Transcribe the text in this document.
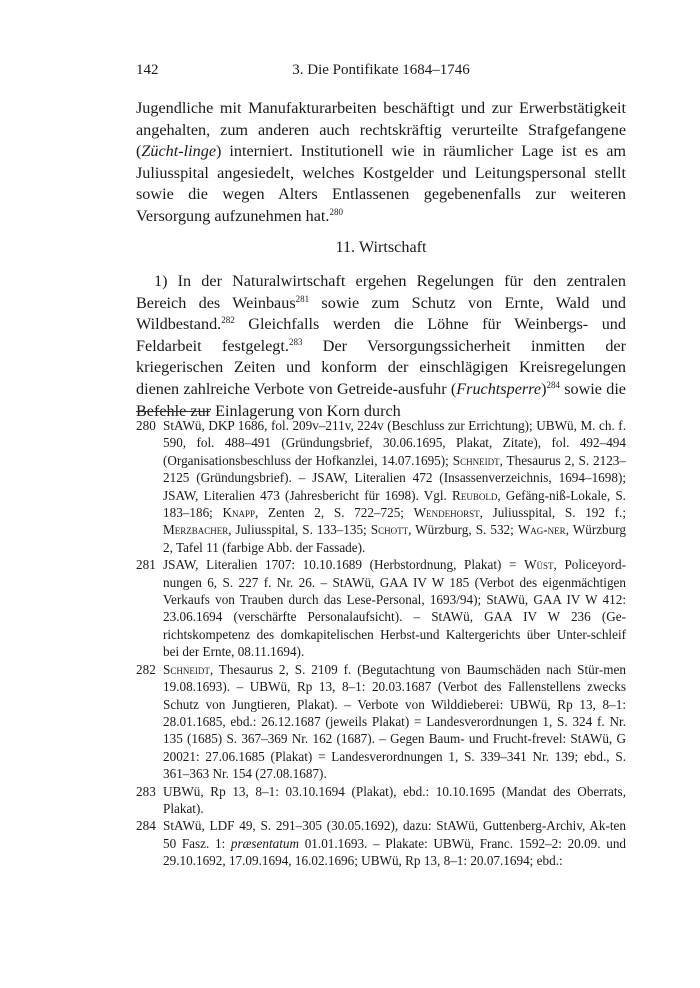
142	3. Die Pontifikate 1684–1746

Jugendliche mit Manufakturarbeiten beschäftigt und zur Erwerbstätigkeit angehalten, zum anderen auch rechtskräftig verurteilte Strafgefangene (Zücht-linge) interniert. Institutionell wie in räumlicher Lage ist es am Juliusspital angesiedelt, welches Kostgelder und Leitungspersonal stellt sowie die wegen Alters Entlassenen gegebenenfalls zur weiteren Versorgung aufzunehmen hat.$^{280}$

11. Wirtschaft

1) In der Naturalwirtschaft ergehen Regelungen für den zentralen Bereich des Weinbaus$^{281}$ sowie zum Schutz von Ernte, Wald und Wildbestand.$^{282}$ Gleichfalls werden die Löhne für Weinbergs- und Feldarbeit festgelegt.$^{283}$ Der Versorgungssicherheit inmitten der kriegerischen Zeiten und konform der einschlägigen Kreisregelungen dienen zahlreiche Verbote von Getreide-ausfuhr (Fruchtsperre)$^{284}$ sowie die Befehle zur Einlagerung von Korn durch

280 StAWü, DKP 1686, fol. 209v–211v, 224v (Beschluss zur Errichtung); UBWü, M. ch. f. 590, fol. 488–491 (Gründungsbrief, 30.06.1695, Plakat, Zitate), fol. 492–494 (Organisationsbeschluss der Hofkanzlei, 14.07.1695); Schneidt, Thesaurus 2, S. 2123–2125 (Gründungsbrief). – JSAW, Literalien 472 (Insassenverzeichnis, 1694–1698); JSAW, Literalien 473 (Jahresbericht für 1698). Vgl. Reubold, Gefäng-niß-Lokale, S. 183–186; Knapp, Zenten 2, S. 722–725; Wendehorst, Juliusspital, S. 192 f.; Merzbacher, Juliusspital, S. 133–135; Schott, Würzburg, S. 532; Wag-ner, Würzburg 2, Tafel 11 (farbige Abb. der Fassade).

281 JSAW, Literalien 1707: 10.10.1689 (Herbstordnung, Plakat) = Wüst, Policeyord-nungen 6, S. 227 f. Nr. 26. – StAWü, GAA IV W 185 (Verbot des eigenmächtigen Verkaufs von Trauben durch das Lese-Personal, 1693/94); StAWü, GAA IV W 412: 23.06.1694 (verschärfte Personalaufsicht). – StAWü, GAA IV W 236 (Ge-richtskompetenz des domkapitelischen Herbst-und Kaltergerichts über Unter-schleif bei der Ernte, 08.11.1694).

282 Schneidt, Thesaurus 2, S. 2109 f. (Begutachtung von Baumschäden nach Stür-men 19.08.1693). – UBWü, Rp 13, 8–1: 20.03.1687 (Verbot des Fallenstellens zwecks Schutz von Jungtieren, Plakat). – Verbote von Wilddieberei: UBWü, Rp 13, 8–1: 28.01.1685, ebd.: 26.12.1687 (jeweils Plakat) = Landesverordnungen 1, S. 324 f. Nr. 135 (1685) S. 367–369 Nr. 162 (1687). – Gegen Baum- und Frucht-frevel: StAWü, G 20021: 27.06.1685 (Plakat) = Landesverordnungen 1, S. 339–341 Nr. 139; ebd., S. 361–363 Nr. 154 (27.08.1687).

283 UBWü, Rp 13, 8–1: 03.10.1694 (Plakat), ebd.: 10.10.1695 (Mandat des Oberrats, Plakat).

284 StAWü, LDF 49, S. 291–305 (30.05.1692), dazu: StAWü, Guttenberg-Archiv, Ak-ten 50 Fasz. 1: præsentatum 01.01.1693. – Plakate: UBWü, Franc. 1592–2: 20.09. und 29.10.1692, 17.09.1694, 16.02.1696; UBWü, Rp 13, 8–1: 20.07.1694; ebd.:
